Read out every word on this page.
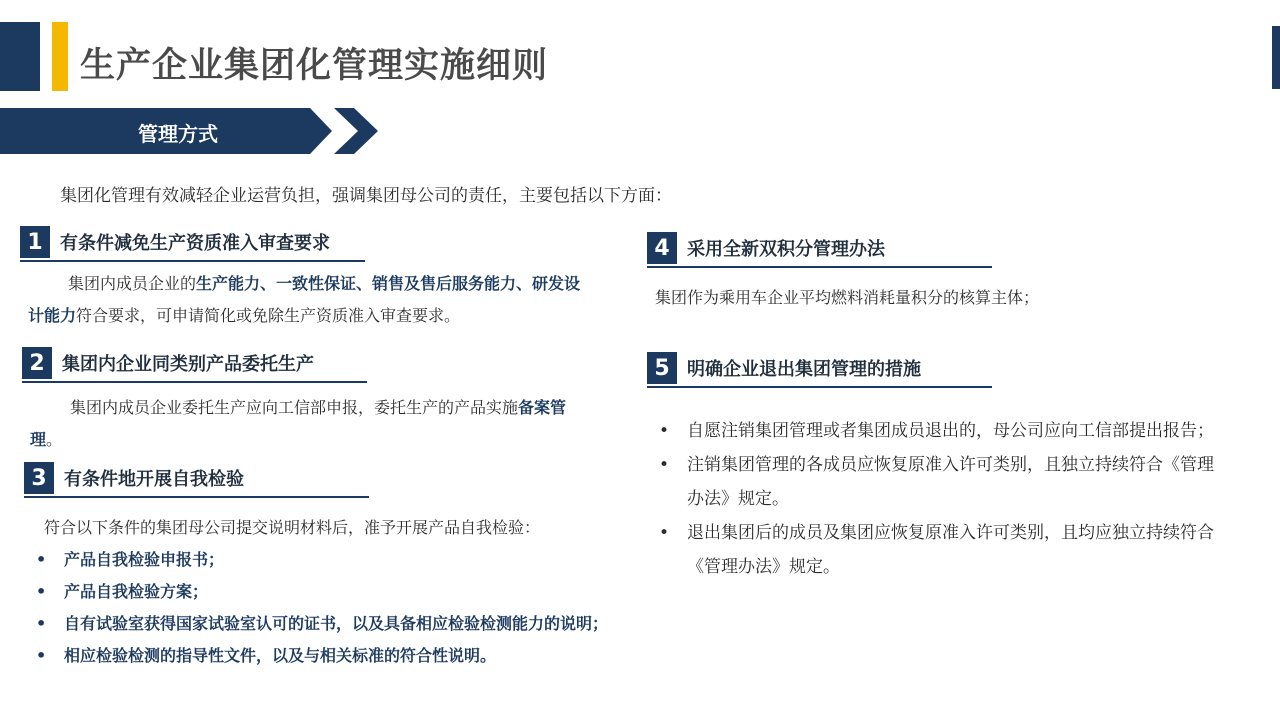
生产企业集团化管理实施细则
管理方式
集团化管理有效减轻企业运营负担，强调集团母公司的责任，主要包括以下方面：
1 有条件减免生产资质准入审查要求
集团内成员企业的生产能力、一致性保证、销售及售后服务能力、研发设计能力符合要求，可申请简化或免除生产资质准入审查要求。
2 集团内企业同类别产品委托生产
集团内成员企业委托生产应向工信部申报，委托生产的产品实施备案管理。
3 有条件地开展自我检验
符合以下条件的集团母公司提交说明材料后，准予开展产品自我检验：
• 产品自我检验申报书；
• 产品自我检验方案；
• 自有试验室获得国家试验室认可的证书，以及具备相应检验检测能力的说明；
• 相应检验检测的指导性文件，以及与相关标准的符合性说明。
4 采用全新双积分管理办法
集团作为乘用车企业平均燃料消耗量积分的核算主体；
5 明确企业退出集团管理的措施
• 自愿注销集团管理或者集团成员退出的，母公司应向工信部提出报告；
• 注销集团管理的各成员应恢复原准入许可类别，且独立持续符合《管理办法》规定。
• 退出集团后的成员及集团应恢复原准入许可类别，且均应独立持续符合《管理办法》规定。
